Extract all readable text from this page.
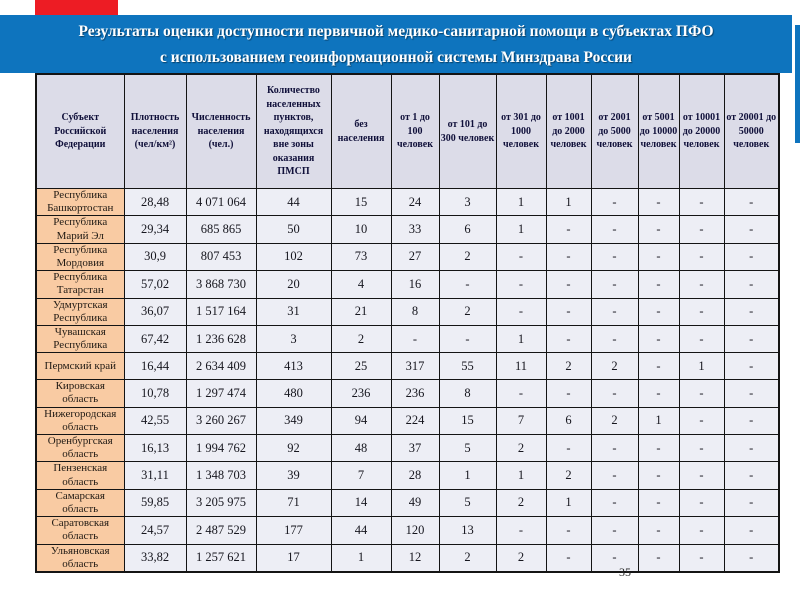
Результаты оценки доступности первичной медико-санитарной помощи в субъектах ПФО
с использованием геоинформационной системы Минздрава России
Субъект Российской Федерации	Плотность населения (чел/км²)	Численность населения (чел.)	Количество населенных пунктов, находящихся вне зоны оказания ПМСП	без населения	от 1 до 100 человек	от 101 до 300 человек	от 301 до 1000 человек	от 1001 до 2000 человек	от 2001 до 5000 человек	от 5001 до 10000 человек	от 10001 до 20000 человек	от 20001 до 50000 человек
Республика Башкортостан	28,48	4 071 064	44	15	24	3	1	1	-	-	-	-
Республика Марий Эл	29,34	685 865	50	10	33	6	1	-	-	-	-	-
Республика Мордовия	30,9	807 453	102	73	27	2	-	-	-	-	-	-
Республика Татарстан	57,02	3 868 730	20	4	16	-	-	-	-	-	-	-
Удмуртская Республика	36,07	1 517 164	31	21	8	2	-	-	-	-	-	-
Чувашская Республика	67,42	1 236 628	3	2	-	-	1	-	-	-	-	-
Пермский край	16,44	2 634 409	413	25	317	55	11	2	2	-	1	-
Кировская область	10,78	1 297 474	480	236	236	8	-	-	-	-	-	-
Нижегородская область	42,55	3 260 267	349	94	224	15	7	6	2	1	-	-
Оренбургская область	16,13	1 994 762	92	48	37	5	2	-	-	-	-	-
Пензенская область	31,11	1 348 703	39	7	28	1	1	2	-	-	-	-
Самарская область	59,85	3 205 975	71	14	49	5	2	1	-	-	-	-
Саратовская область	24,57	2 487 529	177	44	120	13	-	-	-	-	-	-
Ульяновская область	33,82	1 257 621	17	1	12	2	2	-	-	-	-	-
35
